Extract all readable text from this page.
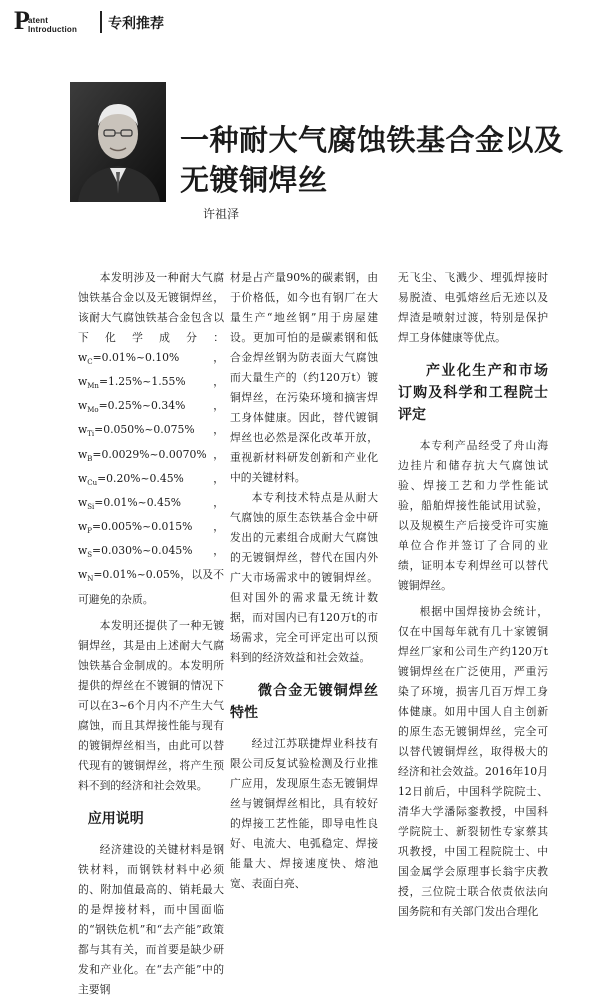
P
atent
Introduction 专利推荐
一种耐大气腐蚀铁基合金以及无镀铜焊丝
许祖泽

本发明涉及一种耐大气腐蚀铁基合金以及无镀铜焊丝，该耐大气腐蚀铁基合金包含以下化学成分：$w_C=0.01\%\sim 0.10\%$，$w_{Mn}=1.25\%\sim 1.55\%$，$w_{Mo}=0.25\%\sim 0.34\%$，$w_{Ti}=0.050\%\sim 0.075\%$，$w_B=0.0029\%\sim 0.0070\%$，$w_{Cu}=0.20\%\sim 0.45\%$，$w_{Si}=0.01\%\sim 0.45\%$，$w_P=0.005\%\sim 0.015\%$，$w_S=0.030\%\sim 0.045\%$，$w_N=0.01\%\sim 0.05\%$，以及不可避免的杂质。

本发明还提供了一种无镀铜焊丝，其是由上述耐大气腐蚀铁基合金制成的。本发明所提供的焊丝在不镀铜的情况下可以在3~6个月内不产生大气腐蚀，而且其焊接性能与现有的镀铜焊丝相当，由此可以替代现有的镀铜焊丝，将产生预料不到的经济和社会效果。

应用说明

经济建设的关键材料是钢铁材料，而钢铁材料中必须的、附加值最高的、销耗最大的是焊接材料，而中国面临的“钢铁危机”和“去产能”政策都与其有关，而首要是缺少研发和产业化。在“去产能”中的主要钢

材是占产量90%的碳素钢，由于价格低，如今也有钢厂在大量生产“地丝钢”用于房屋建设。更加可怕的是碳素钢和低合金焊丝钢为防表面大气腐蚀而大量生产的（约120万t）镀铜焊丝，在污染环境和摘害焊工身体健康。因此，替代镀铜焊丝也必然是深化改革开放，重视新材料研发创新和产业化中的关键材料。

本专利技术特点是从耐大气腐蚀的原生态铁基合金中研发出的元素组合成耐大气腐蚀的无镀铜焊丝，替代在国内外广大市场需求中的镀铜焊丝。但对国外的需求量无统计数据，而对国内已有120万t的市场需求，完全可评定出可以预料到的经济效益和社会效益。

微合金无镀铜焊丝特性

经过江苏联捷焊业科技有限公司反复试验检测及行业推广应用，发现原生态无镀铜焊丝与镀铜焊丝相比，具有较好的焊接工艺性能，即导电性良好、电流大、电弧稳定、焊接能量大、焊接速度快、熔池宽、表面白亮、

无飞尘、飞溅少、埋弧焊接时易脱渣、电弧熔丝后无迹以及焊渣是喷射过渡，特别是保护焊工身体健康等优点。

产业化生产和市场订购及科学和工程院士评定

本专利产品经受了舟山海边挂片和储存抗大气腐蚀试验、焊接工艺和力学性能试验，船舶焊接性能试用试验，以及规模生产后接受许可实施单位合作并签订了合同的业绩，证明本专利焊丝可以替代镀铜焊丝。

根据中国焊接协会统计，仅在中国每年就有几十家镀铜焊丝厂家和公司生产约120万t镀铜焊丝在广泛使用，严重污染了环境，损害几百万焊工身体健康。如用中国人自主创新的原生态无镀铜焊丝，完全可以替代镀铜焊丝，取得极大的经济和社会效益。2016年10月12日前后，中国科学院院士、清华大学潘际銮教授，中国科学院院士、新裂韧性专家蔡其巩教授，中国工程院院士、中国金属学会原理事长翁宇庆教授，三位院士联合依责依法向国务院和有关部门发出合理化
